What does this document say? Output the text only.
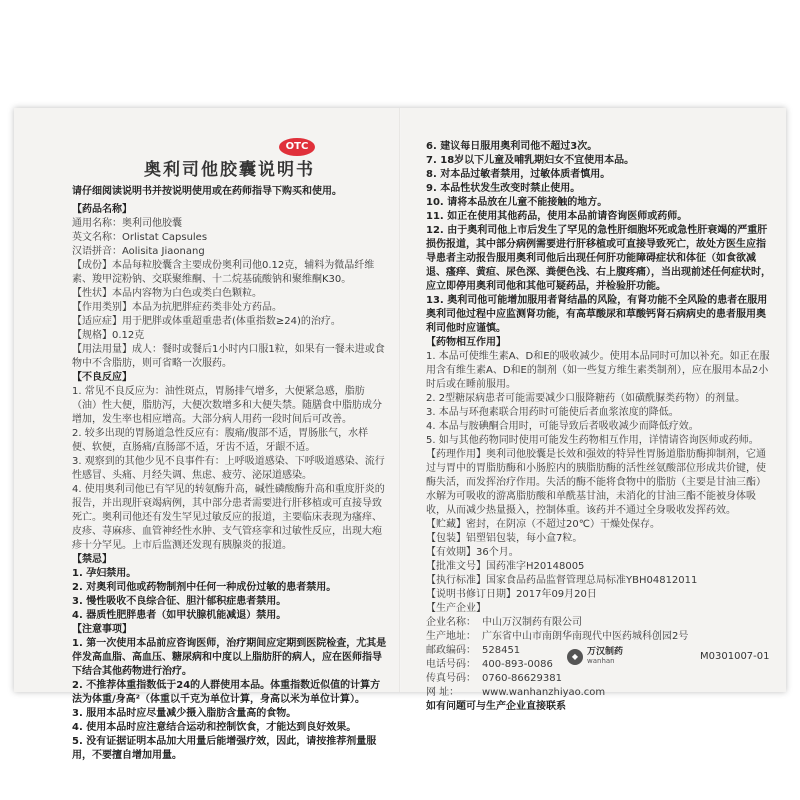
OTC
奥利司他胶囊说明书
请仔细阅读说明书并按说明使用或在药师指导下购买和使用。
【药品名称】
通用名称：奥利司他胶囊
英文名称：Orlistat Capsules
汉语拼音：Aolisita Jiaonang
【成份】本品每粒胶囊含主要成份奥利司他0.12克，辅料为微晶纤维素、羧甲淀粉钠、交联聚维酮、十二烷基硫酸钠和聚维酮K30。
【性状】本品内容物为白色或类白色颗粒。
【作用类别】本品为抗肥胖症药类非处方药品。
【适应症】用于肥胖或体重超重患者(体重指数≥24)的治疗。
【规格】0.12克
【用法用量】成人：餐时或餐后1小时内口服1粒，如果有一餐未进或食物中不含脂肪，则可省略一次服药。
【不良反应】
1. 常见不良反应为：油性斑点，胃肠排气增多，大便紧急感，脂肪（油）性大便，脂肪泻，大便次数增多和大便失禁。随膳食中脂肪成分增加，发生率也相应增高。大部分病人用药一段时间后可改善。
2. 较多出现的胃肠道急性反应有：腹痛/腹部不适，胃肠胀气，水样便、软便，直肠痛/直肠部不适，牙齿不适，牙龈不适。
3. 观察到的其他少见不良事件有：上呼吸道感染、下呼吸道感染、流行性感冒、头痛、月经失调、焦虑、疲劳、泌尿道感染。
4. 使用奥利司他已有罕见的转氨酶升高，碱性磷酸酶升高和重度肝炎的报告，并出现肝衰竭病例，其中部分患者需要进行肝移植或可直接导致死亡。奥利司他还有发生罕见过敏反应的报道，主要临床表现为瘙痒、皮疹、荨麻疹、血管神经性水肿、支气管痉挛和过敏性反应，出现大疱疹十分罕见。上市后监测还发现有胰腺炎的报道。
【禁忌】
1. 孕妇禁用。
2. 对奥利司他或药物制剂中任何一种成份过敏的患者禁用。
3. 慢性吸收不良综合征、胆汁郁积症患者禁用。
4. 器质性肥胖患者（如甲状腺机能减退）禁用。
【注意事项】
1. 第一次使用本品前应咨询医师，治疗期间应定期到医院检查，尤其是伴发高血脂、高血压、糖尿病和中度以上脂肪肝的病人，应在医师指导下结合其他药物进行治疗。
2. 不推荐体重指数低于24的人群使用本品。体重指数近似值的计算方法为体重/身高²（体重以千克为单位计算，身高以米为单位计算）。
3. 服用本品时应尽量减少摄入脂肪含量高的食物。
4. 使用本品时应注意结合运动和控制饮食，才能达到良好效果。
5. 没有证据证明本品加大用量后能增强疗效，因此，请按推荐剂量服用，不要擅自增加用量。
6. 建议每日服用奥利司他不超过3次。
7. 18岁以下儿童及哺乳期妇女不宜使用本品。
8. 对本品过敏者禁用，过敏体质者慎用。
9. 本品性状发生改变时禁止使用。
10. 请将本品放在儿童不能接触的地方。
11. 如正在使用其他药品，使用本品前请咨询医师或药师。
12. 由于奥利司他上市后发生了罕见的急性肝细胞坏死或急性肝衰竭的严重肝损伤报道，其中部分病例需要进行肝移植或可直接导致死亡，故处方医生应指导患者主动报告服用奥利司他后出现任何肝功能障碍症状和体征（如食欲减退、瘙痒、黄疸、尿色深、粪便色浅、右上腹疼痛），当出现前述任何症状时，应立即停用奥利司他和其他可疑药品，并检验肝功能。
13. 奥利司他可能增加服用者肾结晶的风险，有肾功能不全风险的患者在服用奥利司他过程中应监测肾功能，有高草酸尿和草酸钙肾石病病史的患者服用奥利司他时应谨慎。
【药物相互作用】
1. 本品可使维生素A、D和E的吸收减少。使用本品同时可加以补充。如正在服用含有维生素A、D和E的制剂（如一些复方维生素类制剂），应在服用本品2小时后或在睡前服用。
2. 2型糖尿病患者可能需要减少口服降糖药（如磺酰脲类药物）的剂量。
3. 本品与环孢素联合用药时可能使后者血浆浓度的降低。
4. 本品与胺碘酮合用时，可能导致后者吸收减少而降低疗效。
5. 如与其他药物同时使用可能发生药物相互作用，详情请咨询医师或药师。
【药理作用】奥利司他胶囊是长效和强效的特异性胃肠道脂肪酶抑制剂，它通过与胃中的胃脂肪酶和小肠腔内的胰脂肪酶的活性丝氨酸部位形成共价键，使酶失活，而发挥治疗作用。失活的酶不能将食物中的脂肪（主要是甘油三酯）水解为可吸收的游离脂肪酸和单酰基甘油，未消化的甘油三酯不能被身体吸收，从而减少热量摄入，控制体重。该药并不通过全身吸收发挥药效。
【贮藏】密封，在阴凉（不超过20℃）干燥处保存。
【包装】铝塑铝包装，每小盒7粒。
【有效期】36个月。
【批准文号】国药准字H20148005
【执行标准】国家食品药品监督管理总局标准YBH04812011
【说明书修订日期】2017年09月20日
【生产企业】
企业名称： 中山万汉制药有限公司
生产地址： 广东省中山市南朗华南现代中医药城科创园2号
邮政编码： 528451
电话号码： 400-893-0086
传真号码： 0760-86629381
网 址：	www.wanhanzhiyao.com
如有问题可与生产企业直接联系
◆ 万汉制药
wanhan	M0301007-01
